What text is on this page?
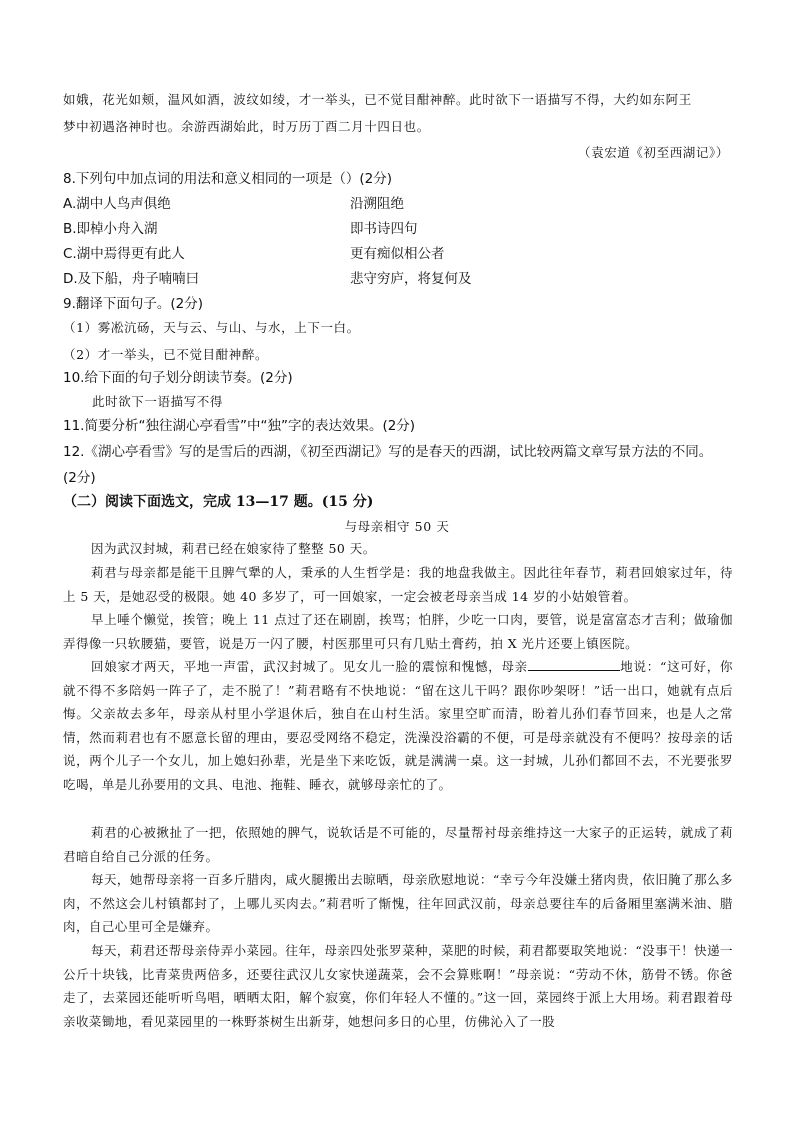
如娥，花光如颊，温风如酒，波纹如绫，才一举头，已不觉目酣神醉。此时欲下一语描写不得，大约如东阿王
梦中初遇洛神时也。余游西湖始此，时万历丁酉二月十四日也。
（袁宏道《初至西湖记》）
8.下列句中加点词的用法和意义相同的一项是（）(2分)
A.湖中人鸟声俱绝	沿溯阻绝
B.即棹小舟入湖	即书诗四句
C.湖中焉得更有此人	更有痴似相公者
D.及下船，舟子喃喃曰	悲守穷庐，将复何及
9.翻译下面句子。(2分)
（1）雾凇沆砀，天与云、与山、与水，上下一白。
（2）才一举头，已不觉目酣神醉。
10.给下面的句子划分朗读节奏。(2分)
此时欲下一语描写不得
11.简要分析“独往湖心亭看雪”中“独”字的表达效果。(2分)
12.《湖心亭看雪》写的是雪后的西湖，《初至西湖记》写的是春天的西湖，试比较两篇文章写景方法的不同。
(2分)
（二）阅读下面选文，完成 13—17 题。(15 分)
与母亲相守 50 天
因为武汉封城，莉君已经在娘家待了整整 50 天。
莉君与母亲都是能干且脾气犟的人，秉承的人生哲学是：我的地盘我做主。因此往年春节，莉君回娘家过年，待上 5 天，是她忍受的极限。她 40 多岁了，可一回娘家，一定会被老母亲当成 14 岁的小姑娘管着。
早上唾个懒觉，挨管；晚上 11 点过了还在刷剧，挨骂；怕胖，少吃一口肉，要管，说是富富态才吉利；做瑜伽弄得像一只软腰猫，要管，说是万一闪了腰，村医那里可只有几贴土膏药，拍 X 光片还要上镇医院。
回娘家才两天，平地一声雷，武汉封城了。见女儿一脸的震惊和愧憾，母亲	地说：“这可好，你就不得不多陪妈一阵子了，走不脱了！”莉君略有不快地说：“留在这儿干吗？跟你吵架呀！”话一出口，她就有点后悔。父亲故去多年，母亲从村里小学退休后，独自在山村生活。家里空旷而清，盼着儿孙们春节回来，也是人之常情，然而莉君也有不愿意长留的理由，要忍受网络不稳定，洗澡没浴霸的不便，可是母亲就没有不便吗？按母亲的话说，两个儿子一个女儿，加上媳妇孙辈，光是坐下来吃饭，就是满满一桌。这一封城，儿孙们都回不去，不光要张罗吃喝，单是儿孙要用的文具、电池、拖鞋、睡衣，就够母亲忙的了。
莉君的心被揪扯了一把，依照她的脾气，说软话是不可能的，尽量帮衬母亲维持这一大家子的正运转，就成了莉君暗自给自己分派的任务。
每天，她帮母亲将一百多斤腊肉，咸火腿搬出去晾晒，母亲欣慰地说：“幸亏今年没嫌土猪肉贵，依旧腌了那么多肉，不然这会儿村镇都封了，上哪儿买肉去。”莉君听了惭愧，往年回武汉前，母亲总要往车的后备厢里塞满米油、腊肉，自己心里可全是嫌弃。
每天，莉君还帮母亲侍弄小菜园。往年，母亲四处张罗菜种，菜肥的时候，莉君都要取笑地说：“没事干！快递一公斤十块钱，比青菜贵两倍多，还要往武汉儿女家快递蔬菜，会不会算账啊！”母亲说：“劳动不休，筋骨不锈。你爸走了，去菜园还能听听鸟唱，晒晒太阳，解个寂寞，你们年轻人不懂的。”这一回，菜园终于派上大用场。莉君跟着母亲收菜锄地，看见菜园里的一株野茶树生出新芽，她想问多日的心里，仿佛沁入了一股
